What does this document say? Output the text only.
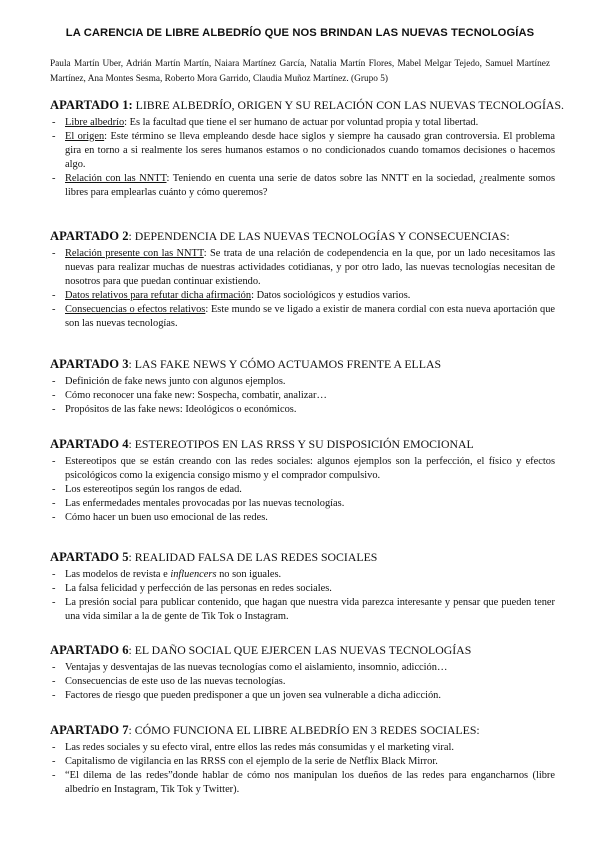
LA CARENCIA DE LIBRE ALBEDRÍO QUE NOS BRINDAN LAS NUEVAS TECNOLOGÍAS
Paula Martín Uber, Adrián Martín Martín, Naiara Martínez García, Natalia Martín Flores, Mabel Melgar Tejedo, Samuel Martínez Martínez, Ana Montes Sesma, Roberto Mora Garrido, Claudia Muñoz Martínez. (Grupo 5)
APARTADO 1: LIBRE ALBEDRÍO, ORIGEN Y SU RELACIÓN CON LAS NUEVAS TECNOLOGÍAS.
- Libre albedrío: Es la facultad que tiene el ser humano de actuar por voluntad propia y total libertad.
- El origen: Este término se lleva empleando desde hace siglos y siempre ha causado gran controversia. El problema gira en torno a si realmente los seres humanos estamos o no condicionados cuando tomamos decisiones o hacemos algo.
- Relación con las NNTT: Teniendo en cuenta una serie de datos sobre las NNTT en la sociedad, ¿realmente somos libres para emplearlas cuánto y cómo queremos?
APARTADO 2: DEPENDENCIA DE LAS NUEVAS TECNOLOGÍAS Y CONSECUENCIAS:
- Relación presente con las NNTT: Se trata de una relación de codependencia en la que, por un lado necesitamos las nuevas para realizar muchas de nuestras actividades cotidianas, y por otro lado, las nuevas tecnologías necesitan de nosotros para que puedan continuar existiendo.
- Datos relativos para refutar dicha afirmación: Datos sociológicos y estudios varios.
- Consecuencias o efectos relativos: Este mundo se ve ligado a existir de manera cordial con esta nueva aportación que son las nuevas tecnologías.
APARTADO 3: LAS FAKE NEWS Y CÓMO ACTUAMOS FRENTE A ELLAS
- Definición de fake news junto con algunos ejemplos.
- Cómo reconocer una fake new: Sospecha, combatir, analizar…
- Propósitos de las fake news: Ideológicos o económicos.
APARTADO 4: ESTEREOTIPOS EN LAS RRSS Y SU DISPOSICIÓN EMOCIONAL
- Estereotipos que se están creando con las redes sociales: algunos ejemplos son la perfección, el físico y efectos psicológicos como la exigencia consigo mismo y el comprador compulsivo.
- Los estereotipos según los rangos de edad.
- Las enfermedades mentales provocadas por las nuevas tecnologías.
- Cómo hacer un buen uso emocional de las redes.
APARTADO 5: REALIDAD FALSA DE LAS REDES SOCIALES
- Las modelos de revista e influencers no son iguales.
- La falsa felicidad y perfección de las personas en redes sociales.
- La presión social para publicar contenido, que hagan que nuestra vida parezca interesante y pensar que pueden tener una vida similar a la de gente de Tik Tok o Instagram.
APARTADO 6: EL DAÑO SOCIAL QUE EJERCEN LAS NUEVAS TECNOLOGÍAS
- Ventajas y desventajas de las nuevas tecnologías como el aislamiento, insomnio, adicción…
- Consecuencias de este uso de las nuevas tecnologías.
- Factores de riesgo que pueden predisponer a que un joven sea vulnerable a dicha adicción.
APARTADO 7: CÓMO FUNCIONA EL LIBRE ALBEDRÍO EN 3 REDES SOCIALES:
- Las redes sociales y su efecto viral, entre ellos las redes más consumidas y el marketing viral.
- Capitalismo de vigilancia en las RRSS con el ejemplo de la serie de Netflix Black Mirror.
- “El dilema de las redes”donde hablar de cómo nos manipulan los dueños de las redes para engancharnos (libre albedrío en Instagram, Tik Tok y Twitter).
